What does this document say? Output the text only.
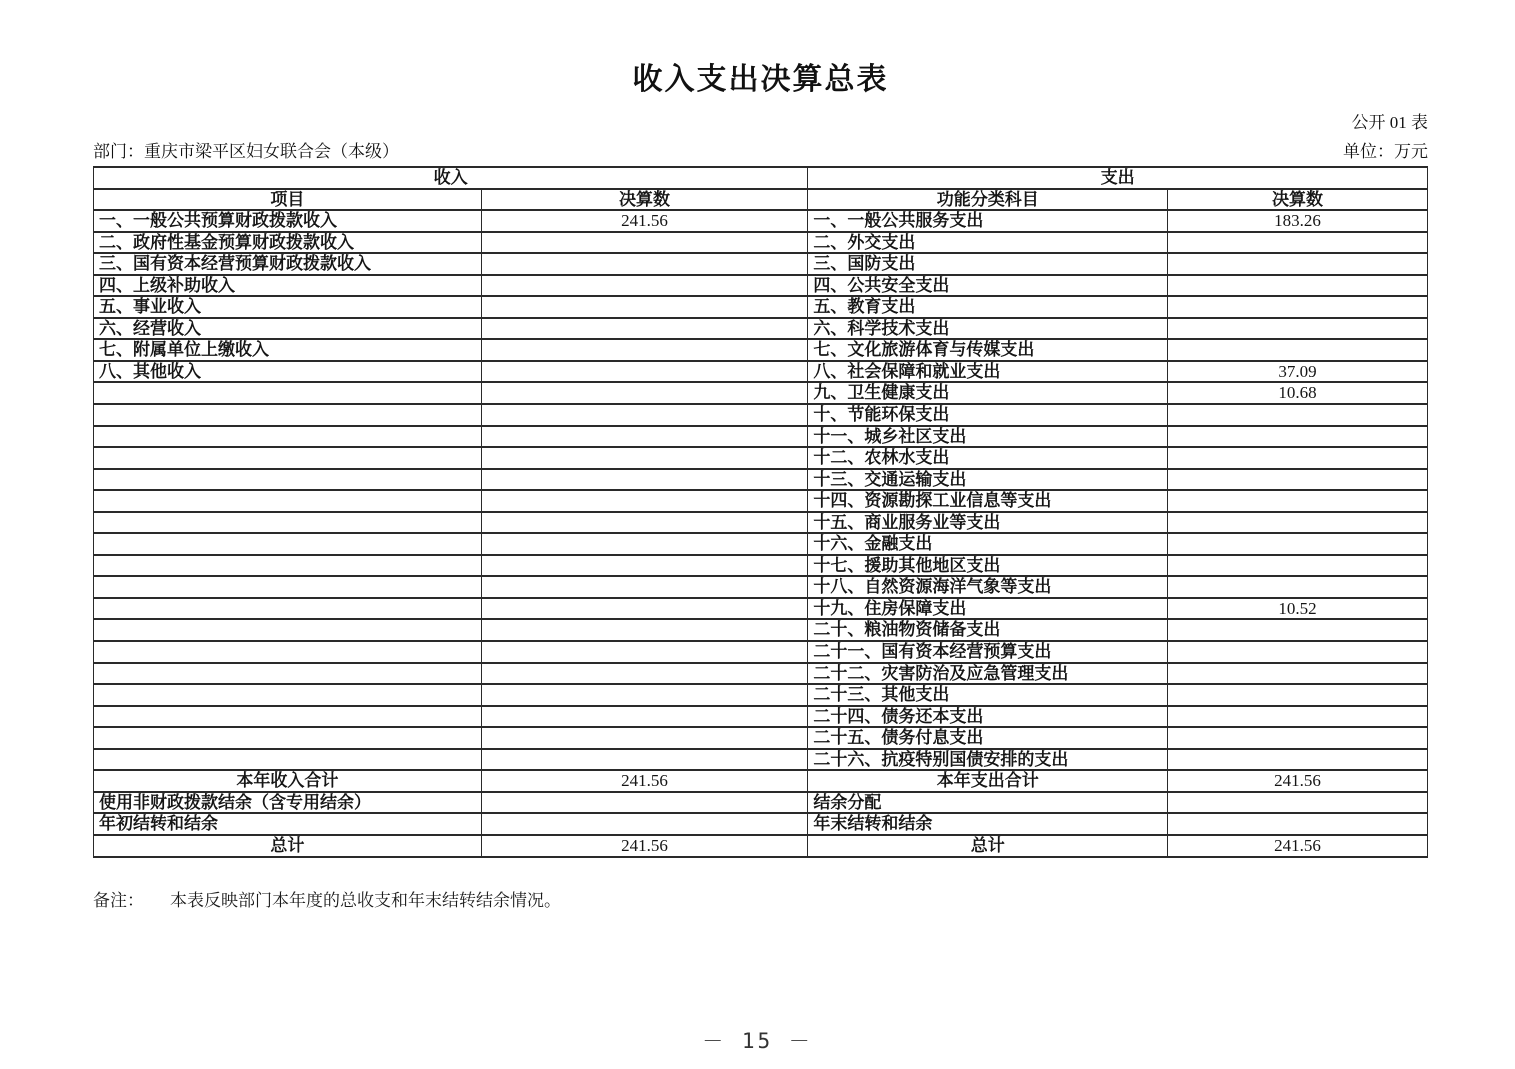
收入支出决算总表
公开 01 表
部门：重庆市梁平区妇女联合会（本级）	单位：万元
收入		支出	
项目	决算数	功能分类科目	决算数
一、一般公共预算财政拨款收入	241.56	一、一般公共服务支出	183.26
二、政府性基金预算财政拨款收入		二、外交支出	
三、国有资本经营预算财政拨款收入		三、国防支出	
四、上级补助收入		四、公共安全支出	
五、事业收入		五、教育支出	
六、经营收入		六、科学技术支出	
七、附属单位上缴收入		七、文化旅游体育与传媒支出	
八、其他收入		八、社会保障和就业支出	37.09
		九、卫生健康支出	10.68
		十、节能环保支出	
		十一、城乡社区支出	
		十二、农林水支出	
		十三、交通运输支出	
		十四、资源勘探工业信息等支出	
		十五、商业服务业等支出	
		十六、金融支出	
		十七、援助其他地区支出	
		十八、自然资源海洋气象等支出	
		十九、住房保障支出	10.52
		二十、粮油物资储备支出	
		二十一、国有资本经营预算支出	
		二十二、灾害防治及应急管理支出	
		二十三、其他支出	
		二十四、债务还本支出	
		二十五、债务付息支出	
		二十六、抗疫特别国债安排的支出	
本年收入合计	241.56	本年支出合计	241.56
使用非财政拨款结余（含专用结余）		结余分配	
年初结转和结余		年末结转和结余	
总计	241.56	总计	241.56
备注： 本表反映部门本年度的总收支和年末结转结余情况。
－ 15 －
